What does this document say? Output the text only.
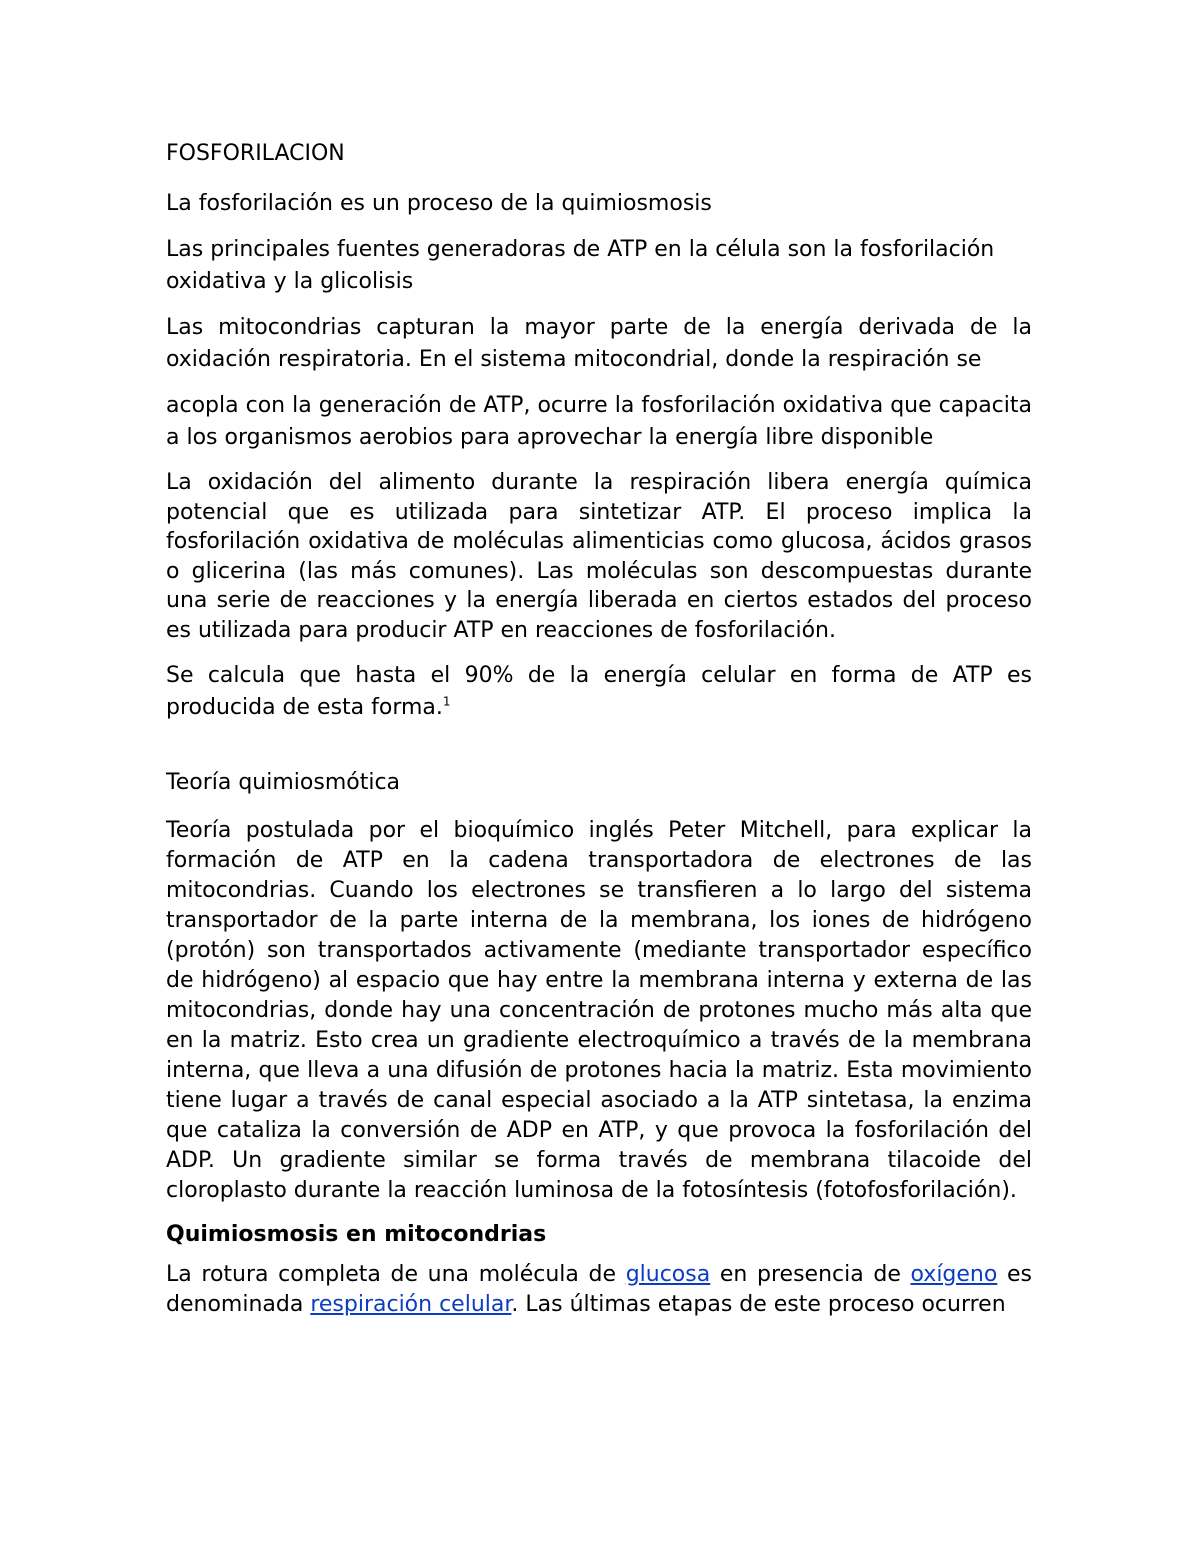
FOSFORILACION

La fosforilación es un proceso de la quimiosmosis

Las principales fuentes generadoras de ATP en la célula son la fosforilación oxidativa y la glicolisis

Las mitocondrias capturan la mayor parte de la energía derivada de la oxidación respiratoria. En el sistema mitocondrial, donde la respiración se

acopla con la generación de ATP, ocurre la fosforilación oxidativa que capacita a los organismos aerobios para aprovechar la energía libre disponible

La oxidación del alimento durante la respiración libera energía química potencial que es utilizada para sintetizar ATP. El proceso implica la fosforilación oxidativa de moléculas alimenticias como glucosa, ácidos grasos o glicerina (las más comunes). Las moléculas son descompuestas durante una serie de reacciones y la energía liberada en ciertos estados del proceso es utilizada para producir ATP en reacciones de fosforilación.

Se calcula que hasta el 90% de la energía celular en forma de ATP es producida de esta forma.$^1$

Teoría quimiosmótica

Teoría postulada por el bioquímico inglés Peter Mitchell, para explicar la formación de ATP en la cadena transportadora de electrones de las mitocondrias. Cuando los electrones se transfieren a lo largo del sistema transportador de la parte interna de la membrana, los iones de hidrógeno (protón) son transportados activamente (mediante transportador específico de hidrógeno) al espacio que hay entre la membrana interna y externa de las mitocondrias, donde hay una concentración de protones mucho más alta que en la matriz. Esto crea un gradiente electroquímico a través de la membrana interna, que lleva a una difusión de protones hacia la matriz. Esta movimiento tiene lugar a través de canal especial asociado a la ATP sintetasa, la enzima que cataliza la conversión de ADP en ATP, y que provoca la fosforilación del ADP. Un gradiente similar se forma través de membrana tilacoide del cloroplasto durante la reacción luminosa de la fotosíntesis (fotofosforilación).

Quimiosmosis en mitocondrias

La rotura completa de una molécula de glucosa en presencia de oxígeno es denominada respiración celular. Las últimas etapas de este proceso ocurren
